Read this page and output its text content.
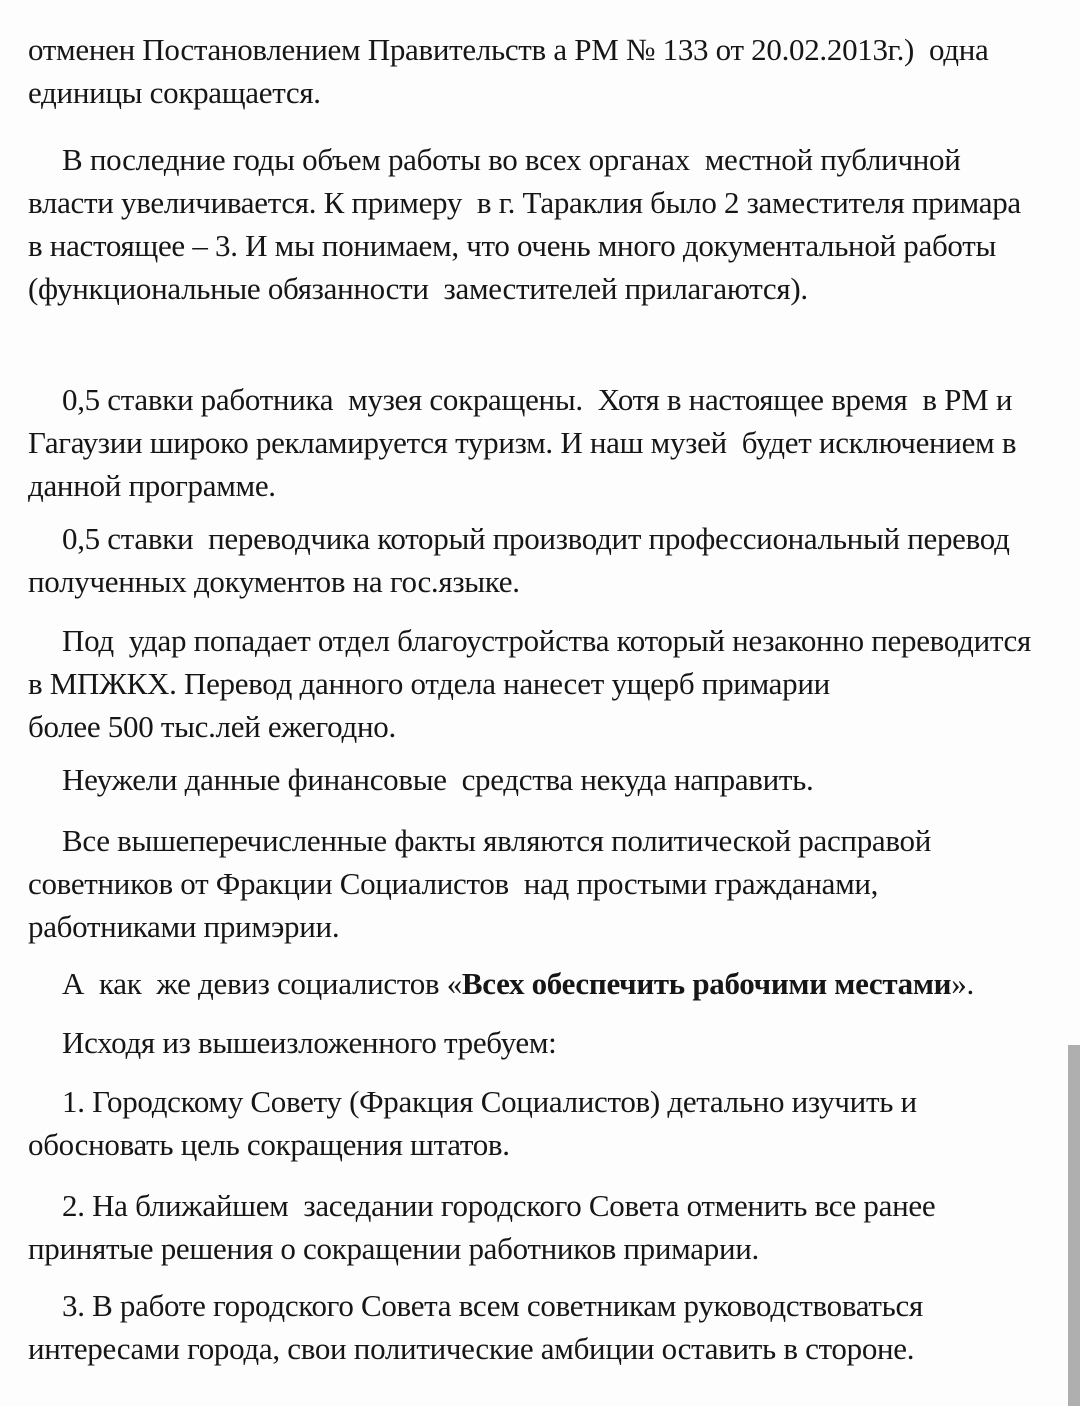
отменен Постановлением Правительств а РМ № 133 от 20.02.2013г.)  одна
единицы сокращается.
В последние годы объем работы во всех органах  местной публичной
власти увеличивается. К примеру  в г. Тараклия было 2 заместителя примара
в настоящее – 3. И мы понимаем, что очень много документальной работы
(функциональные обязанности  заместителей прилагаются).
0,5 ставки работника  музея сокращены.  Хотя в настоящее время  в РМ и
Гагаузии широко рекламируется туризм. И наш музей  будет исключением в
данной программе.
0,5 ставки  переводчика который производит профессиональный перевод
полученных документов на гос.языке.
Под  удар попадает отдел благоустройства который незаконно переводится
в МПЖКХ. Перевод данного отдела нанесет ущерб примарии
более 500 тыс.лей ежегодно.
Неужели данные финансовые  средства некуда направить.
Все вышеперечисленные факты являются политической расправой
советников от Фракции Социалистов  над простыми гражданами,
работниками примэрии.
А  как  же девиз социалистов «Всех обеспечить рабочими местами».
Исходя из вышеизложенного требуем:
1. Городскому Совету (Фракция Социалистов) детально изучить и
обосновать цель сокращения штатов.
2. На ближайшем  заседании городского Совета отменить все ранее
принятые решения о сокращении работников примарии.
3. В работе городского Совета всем советникам руководствоваться
интересами города, свои политические амбиции оставить в стороне.
